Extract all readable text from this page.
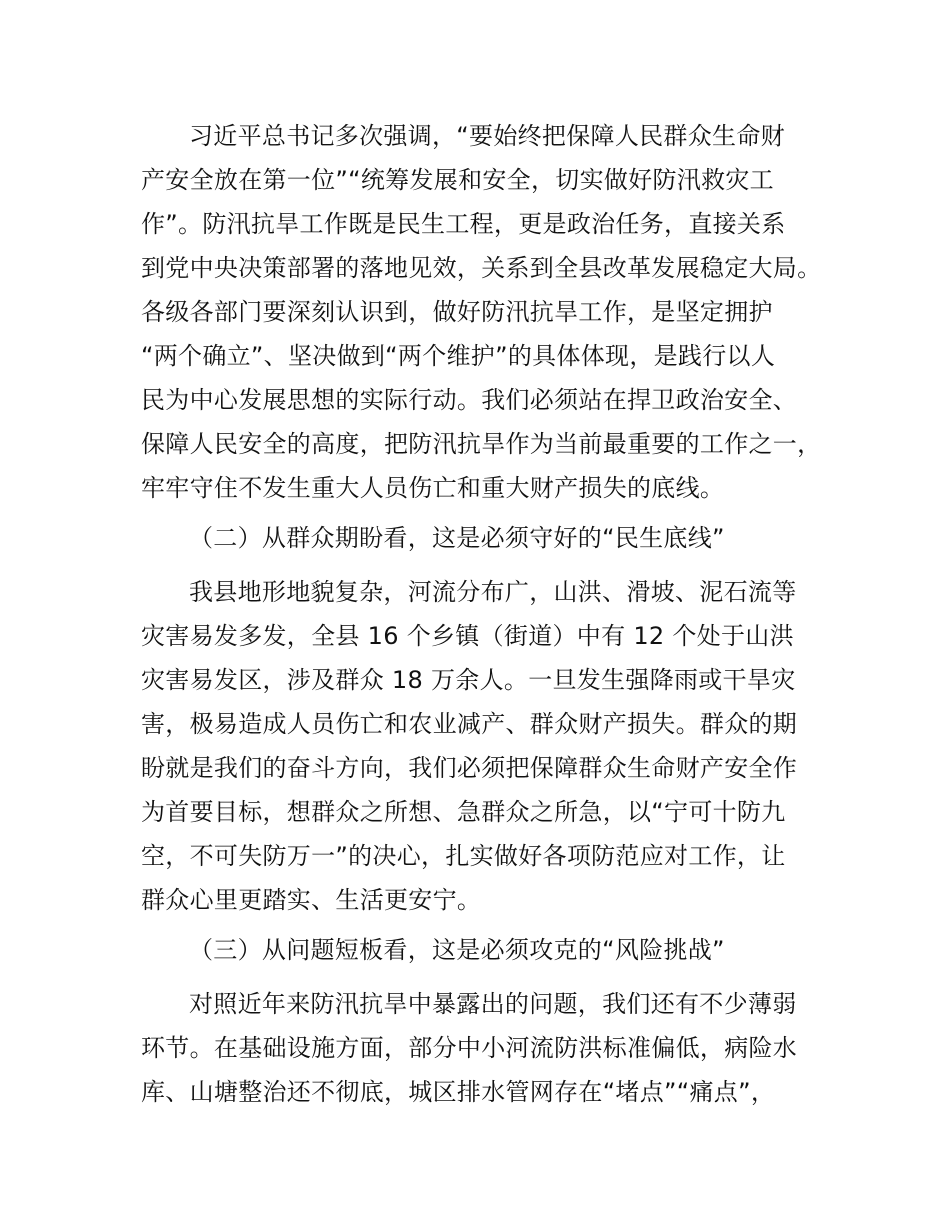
习近平总书记多次强调，“要始终把保障人民群众生命财
产安全放在第一位”“统筹发展和安全，切实做好防汛救灾工
作”。防汛抗旱工作既是民生工程，更是政治任务，直接关系
到党中央决策部署的落地见效，关系到全县改革发展稳定大局。
各级各部门要深刻认识到，做好防汛抗旱工作，是坚定拥护
“两个确立”、坚决做到“两个维护”的具体体现，是践行以人
民为中心发展思想的实际行动。我们必须站在捍卫政治安全、
保障人民安全的高度，把防汛抗旱作为当前最重要的工作之一，
牢牢守住不发生重大人员伤亡和重大财产损失的底线。
（二）从群众期盼看，这是必须守好的“民生底线”
我县地形地貌复杂，河流分布广，山洪、滑坡、泥石流等
灾害易发多发，全县 16 个乡镇（街道）中有 12 个处于山洪
灾害易发区，涉及群众 18 万余人。一旦发生强降雨或干旱灾
害，极易造成人员伤亡和农业减产、群众财产损失。群众的期
盼就是我们的奋斗方向，我们必须把保障群众生命财产安全作
为首要目标，想群众之所想、急群众之所急，以“宁可十防九
空，不可失防万一”的决心，扎实做好各项防范应对工作，让
群众心里更踏实、生活更安宁。
（三）从问题短板看，这是必须攻克的“风险挑战”
对照近年来防汛抗旱中暴露出的问题，我们还有不少薄弱
环节。在基础设施方面，部分中小河流防洪标准偏低，病险水
库、山塘整治还不彻底，城区排水管网存在“堵点”“痛点”，
